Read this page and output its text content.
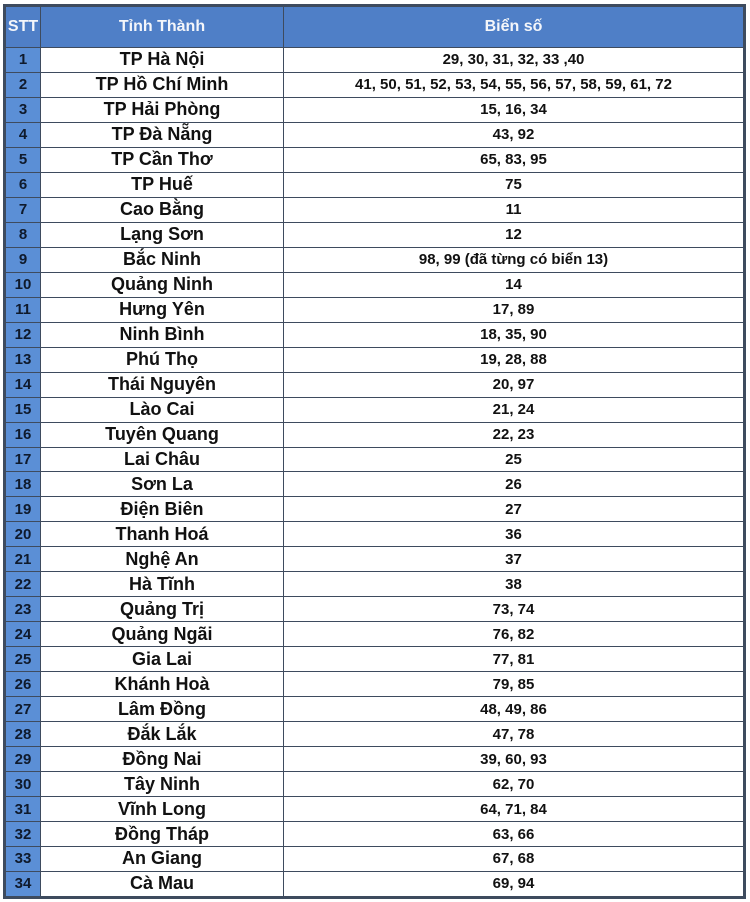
STT	Tỉnh Thành	Biển số
1	TP Hà Nội	29, 30, 31, 32, 33 ,40
2	TP Hồ Chí Minh	41, 50, 51, 52, 53, 54, 55, 56, 57, 58, 59, 61, 72
3	TP Hải Phòng	15, 16, 34
4	TP Đà Nẵng	43, 92
5	TP Cần Thơ	65, 83, 95
6	TP Huế	75
7	Cao Bằng	11
8	Lạng Sơn	12
9	Bắc Ninh	98, 99 (đã từng có biển 13)
10	Quảng Ninh	14
11	Hưng Yên	17, 89
12	Ninh Bình	18, 35, 90
13	Phú Thọ	19, 28, 88
14	Thái Nguyên	20, 97
15	Lào Cai	21, 24
16	Tuyên Quang	22, 23
17	Lai Châu	25
18	Sơn La	26
19	Điện Biên	27
20	Thanh Hoá	36
21	Nghệ An	37
22	Hà Tĩnh	38
23	Quảng Trị	73, 74
24	Quảng Ngãi	76, 82
25	Gia Lai	77, 81
26	Khánh Hoà	79, 85
27	Lâm Đồng	48, 49, 86
28	Đắk Lắk	47, 78
29	Đồng Nai	39, 60, 93
30	Tây Ninh	62, 70
31	Vĩnh Long	64, 71, 84
32	Đồng Tháp	63, 66
33	An Giang	67, 68
34	Cà Mau	69, 94
